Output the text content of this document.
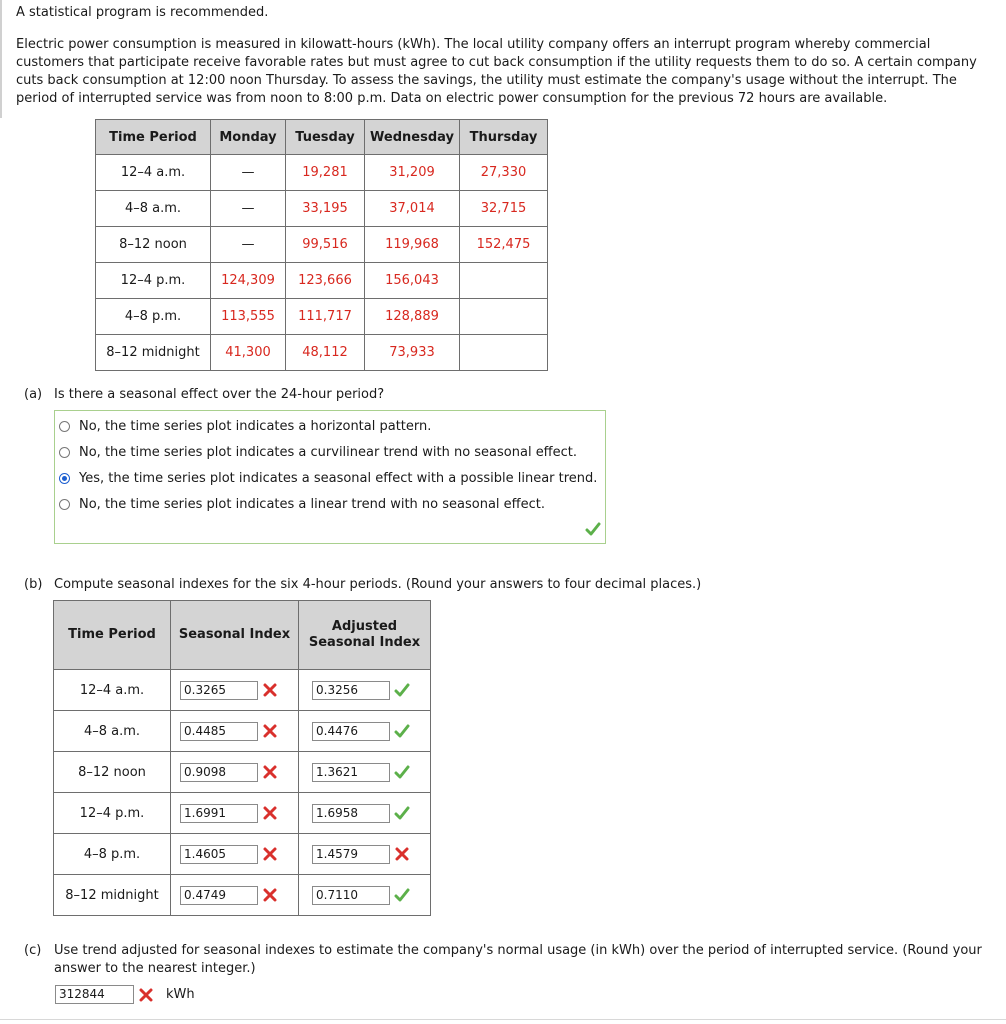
A statistical program is recommended.
Electric power consumption is measured in kilowatt-hours (kWh). The local utility company offers an interrupt program whereby commercial customers that participate receive favorable rates but must agree to cut back consumption if the utility requests them to do so. A certain company cuts back consumption at 12:00 noon Thursday. To assess the savings, the utility must estimate the company's usage without the interrupt. The period of interrupted service was from noon to 8:00 p.m. Data on electric power consumption for the previous 72 hours are available.
Time Period	Monday	Tuesday	Wednesday	Thursday
12–4 a.m.	—	19,281	31,209	27,330
4–8 a.m.	—	33,195	37,014	32,715
8–12 noon	—	99,516	119,968	152,475
12–4 p.m.	124,309	123,666	156,043	
4–8 p.m.	113,555	111,717	128,889	
8–12 midnight	41,300	48,112	73,933	
(a) Is there a seasonal effect over the 24-hour period?
No, the time series plot indicates a horizontal pattern.
No, the time series plot indicates a curvilinear trend with no seasonal effect.
Yes, the time series plot indicates a seasonal effect with a possible linear trend.
No, the time series plot indicates a linear trend with no seasonal effect.
(b) Compute seasonal indexes for the six 4-hour periods. (Round your answers to four decimal places.)
Time Period	Seasonal Index	Adjusted Seasonal Index
12–4 a.m.	0.3265	0.3256

4–8 a.m.	0.4485	0.4476

8–12 noon	0.9098	1.3621

12–4 p.m.	1.6991	1.6958

4–8 p.m.	1.4605	1.4579

8–12 midnight	0.4749	0.7110
(c) Use trend adjusted for seasonal indexes to estimate the company's normal usage (in kWh) over the period of interrupted service. (Round your answer to the nearest integer.)
312844	kWh
